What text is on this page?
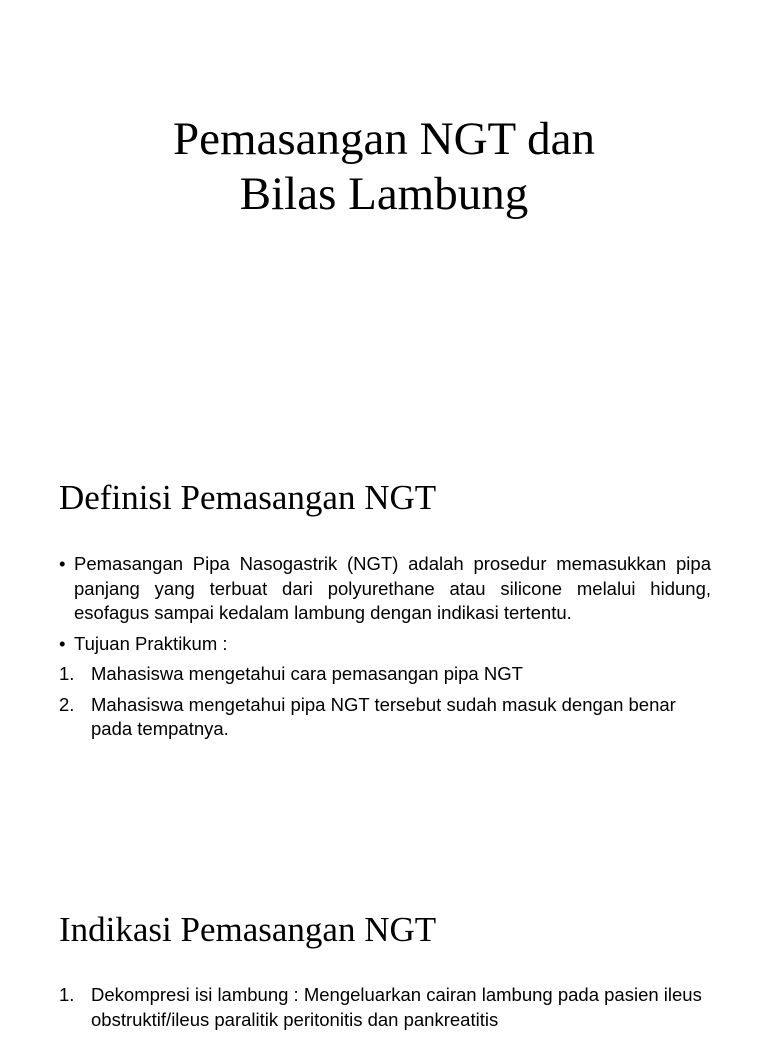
Pemasangan NGT dan
Bilas Lambung
Definisi Pemasangan NGT
• Pemasangan Pipa Nasogastrik (NGT) adalah prosedur memasukkan pipa panjang yang terbuat dari polyurethane atau silicone melalui hidung, esofagus sampai kedalam lambung dengan indikasi tertentu.
• Tujuan Praktikum :
1. Mahasiswa mengetahui cara pemasangan pipa NGT
2. Mahasiswa mengetahui pipa NGT tersebut sudah masuk dengan benar pada tempatnya.
Indikasi Pemasangan NGT
1. Dekompresi isi lambung : Mengeluarkan cairan lambung pada pasien ileus obstruktif/ileus paralitik peritonitis dan pankreatitis
